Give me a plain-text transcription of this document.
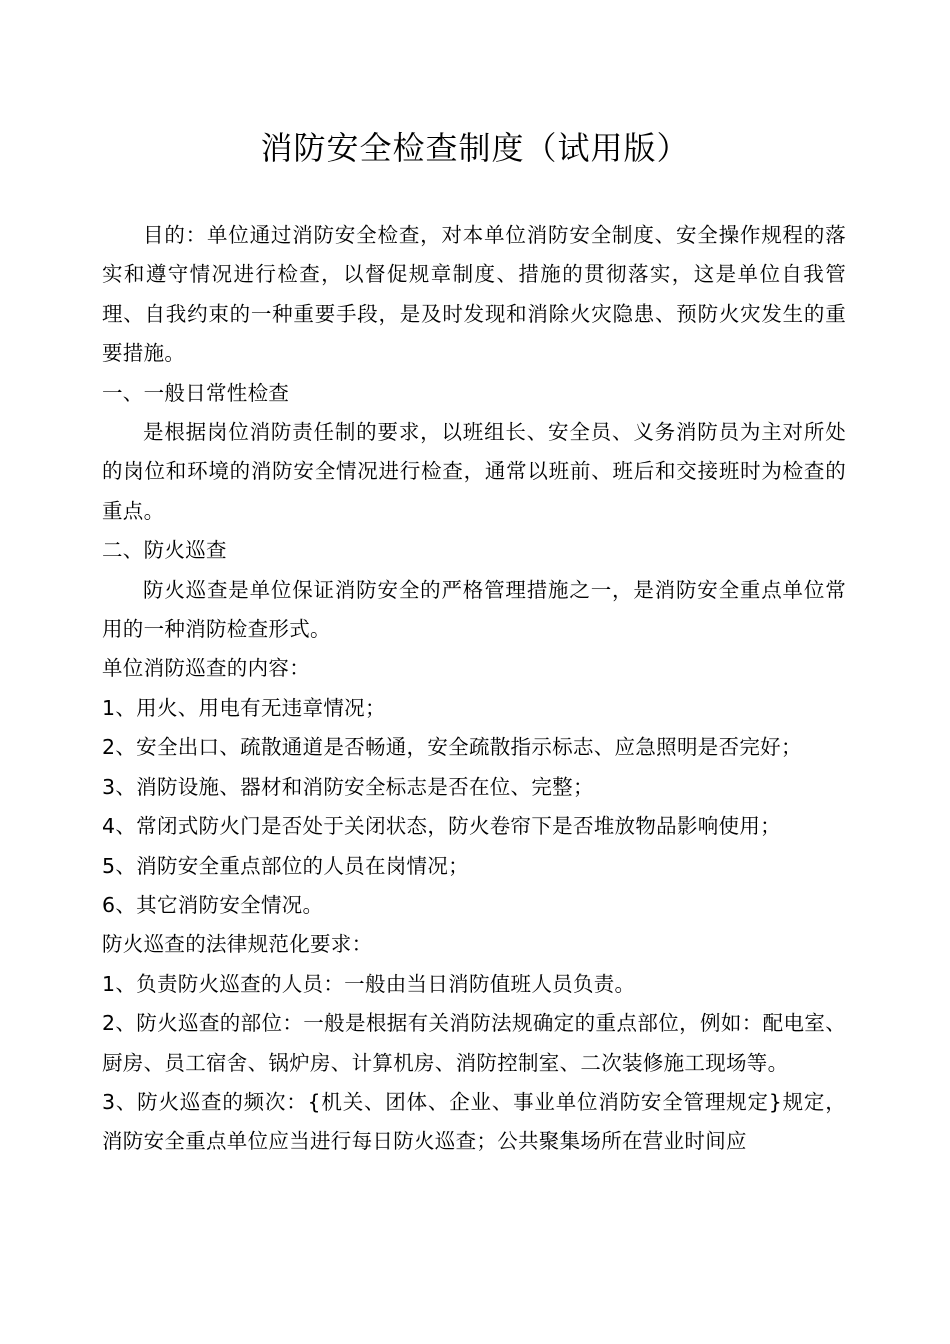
消防安全检查制度（试用版）

目的：单位通过消防安全检查，对本单位消防安全制度、安全操作规程的落实和遵守情况进行检查，以督促规章制度、措施的贯彻落实，这是单位自我管理、自我约束的一种重要手段，是及时发现和消除火灾隐患、预防火灾发生的重要措施。

一、一般日常性检查

是根据岗位消防责任制的要求，以班组长、安全员、义务消防员为主对所处的岗位和环境的消防安全情况进行检查，通常以班前、班后和交接班时为检查的重点。

二、防火巡查

防火巡查是单位保证消防安全的严格管理措施之一，是消防安全重点单位常用的一种消防检查形式。

单位消防巡查的内容：

1、用火、用电有无违章情况；

2、安全出口、疏散通道是否畅通，安全疏散指示标志、应急照明是否完好；

3、消防设施、器材和消防安全标志是否在位、完整；

4、常闭式防火门是否处于关闭状态，防火卷帘下是否堆放物品影响使用；

5、消防安全重点部位的人员在岗情况；

6、其它消防安全情况。

防火巡查的法律规范化要求：

1、负责防火巡查的人员：一般由当日消防值班人员负责。

2、防火巡查的部位：一般是根据有关消防法规确定的重点部位，例如：配电室、厨房、员工宿舍、锅炉房、计算机房、消防控制室、二次装修施工现场等。

3、防火巡查的频次：{机关、团体、企业、事业单位消防安全管理规定}规定，消防安全重点单位应当进行每日防火巡查；公共聚集场所在营业时间应
